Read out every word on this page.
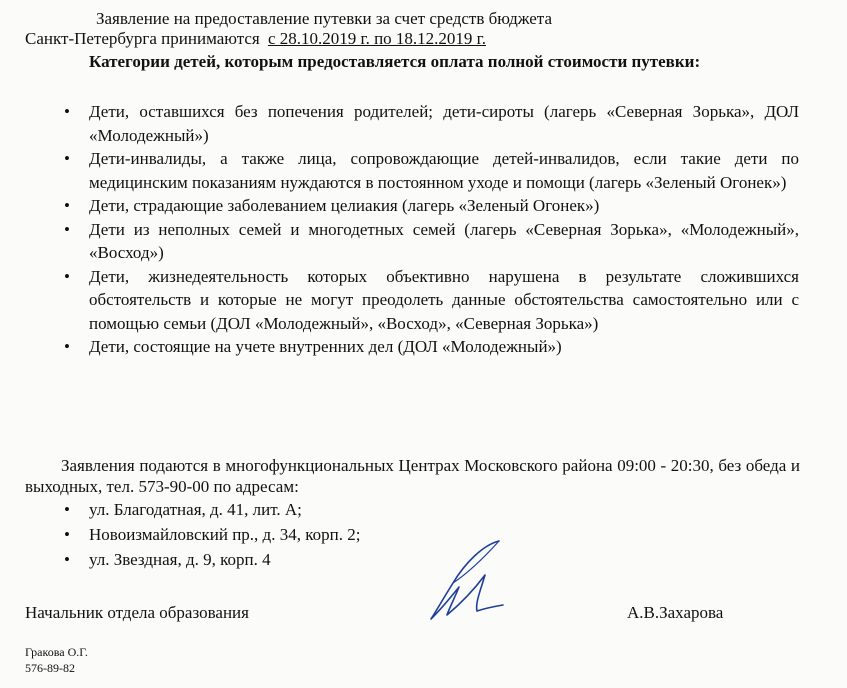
Заявление на предоставление путевки за счет средств бюджета
Санкт-Петербурга принимаются с 28.10.2019 г. по 18.12.2019 г.
Категории детей, которым предоставляется оплата полной стоимости путевки:
• Дети, оставшихся без попечения родителей; дети-сироты (лагерь «Северная Зорька», ДОЛ «Молодежный»)
• Дети-инвалиды, а также лица, сопровождающие детей-инвалидов, если такие дети по медицинским показаниям нуждаются в постоянном уходе и помощи (лагерь «Зеленый Огонек»)
• Дети, страдающие заболеванием целиакия (лагерь «Зеленый Огонек»)
• Дети из неполных семей и многодетных семей (лагерь «Северная Зорька», «Молодежный», «Восход»)
• Дети, жизнедеятельность которых объективно нарушена в результате сложившихся обстоятельств и которые не могут преодолеть данные обстоятельства самостоятельно или с помощью семьи (ДОЛ «Молодежный», «Восход», «Северная Зорька»)
• Дети, состоящие на учете внутренних дел (ДОЛ «Молодежный»)
Заявления подаются в многофункциональных Центрах Московского района 09:00 - 20:30, без обеда и выходных, тел. 573-90-00 по адресам:
• ул. Благодатная, д. 41, лит. А;
• Новоизмайловский пр., д. 34, корп. 2;
• ул. Звездная, д. 9, корп. 4
Начальник отдела образования	А.В.Захарова
Гракова О.Г.
576-89-82
